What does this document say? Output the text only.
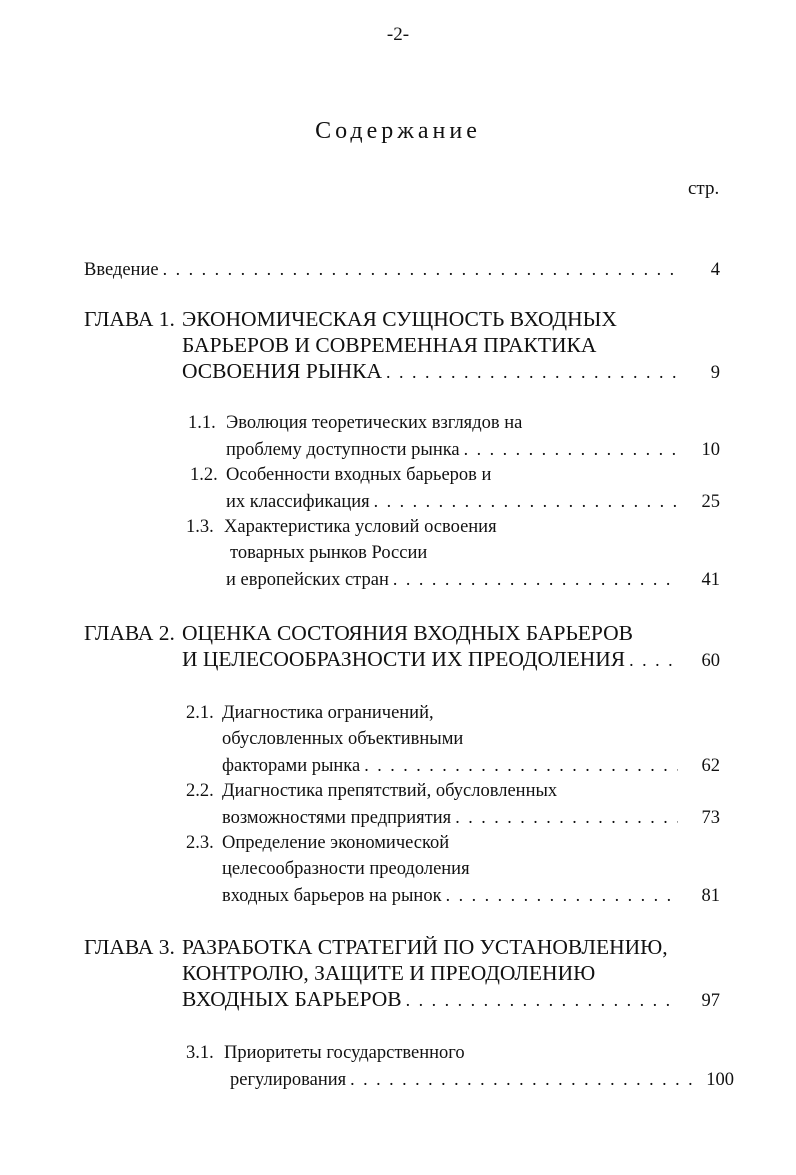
-2-
Содержание
стр.
Введение . . .	4
ГЛАВА 1. ЭКОНОМИЧЕСКАЯ СУЩНОСТЬ ВХОДНЫХ
БАРЬЕРОВ И СОВРЕМЕННАЯ ПРАКТИКА
ОСВОЕНИЯ РЫНКА . . .	9
1.1. Эволюция теоретических взглядов на
проблему доступности рынка . . .	10
1.2. Особенности входных барьеров и
их классификация . . .	25
1.3. Характеристика условий освоения
товарных рынков России
и европейских стран . . .	41
ГЛАВА 2. ОЦЕНКА СОСТОЯНИЯ ВХОДНЫХ БАРЬЕРОВ
И ЦЕЛЕСООБРАЗНОСТИ ИХ ПРЕОДОЛЕНИЯ . . .	60
2.1. Диагностика ограничений,
обусловленных объективными
факторами рынка . . .	62
2.2. Диагностика препятствий, обусловленных
возможностями предприятия . . .	73
2.3. Определение экономической
целесообразности преодоления
входных барьеров на рынок . . .	81
ГЛАВА 3. РАЗРАБОТКА СТРАТЕГИЙ ПО УСТАНОВЛЕНИЮ,
КОНТРОЛЮ, ЗАЩИТЕ И ПРЕОДОЛЕНИЮ
ВХОДНЫХ БАРЬЕРОВ . . .	97
3.1. Приоритеты государственного
регулирования . . .	100
